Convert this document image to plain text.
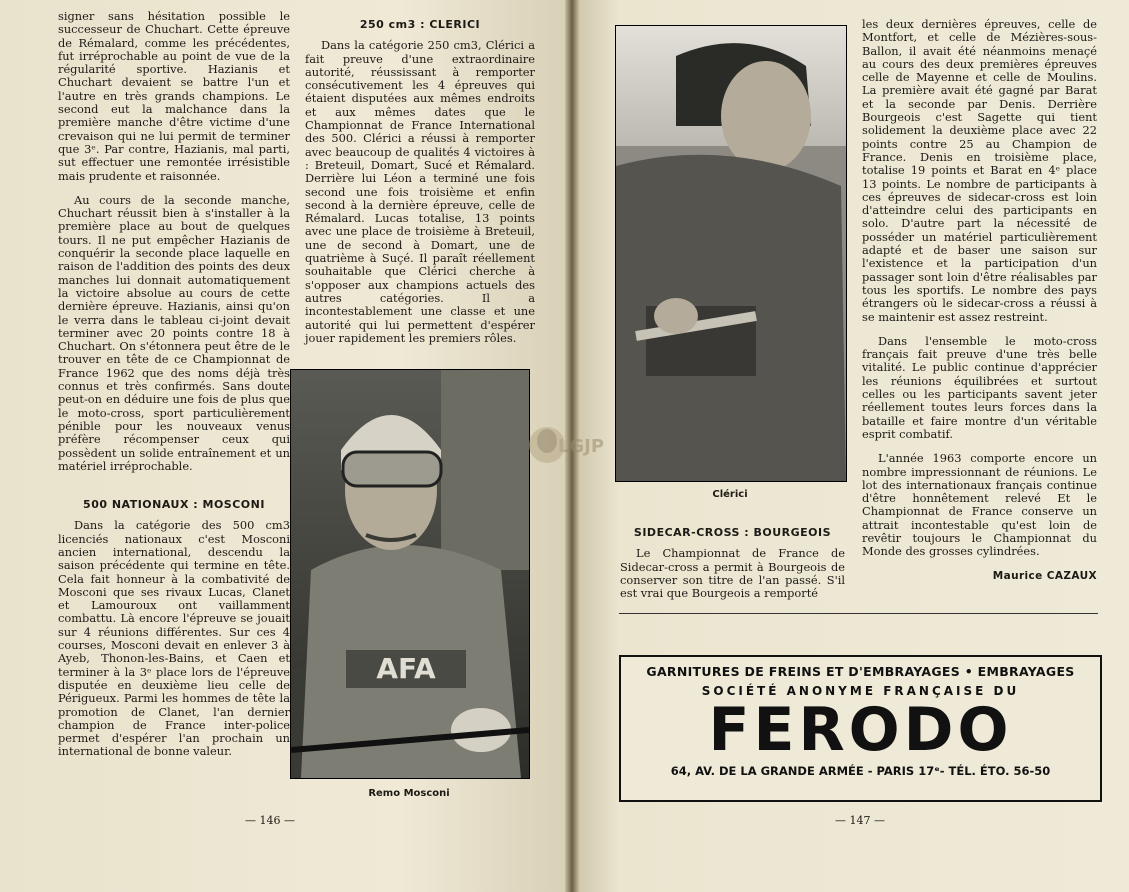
signer sans hésitation possible le successeur de Chuchart. Cette épreuve de Rémalard, comme les précédentes, fut irréprochable au point de vue de la régularité sportive. Hazianis et Chuchart devaient se battre l'un et l'autre en très grands champions. Le second eut la malchance dans la première manche d'être victime d'une crevaison qui ne lui permit de terminer que 3ᵉ. Par contre, Hazianis, mal parti, sut effectuer une remontée irrésistible mais prudente et raisonnée.

Au cours de la seconde manche, Chuchart réussit bien à s'installer à la première place au bout de quelques tours. Il ne put empêcher Hazianis de conquérir la seconde place laquelle en raison de l'addition des points des deux manches lui donnait automatiquement la victoire absolue au cours de cette dernière épreuve. Hazianis, ainsi qu'on le verra dans le tableau ci-joint devait terminer avec 20 points contre 18 à Chuchart. On s'étonnera peut être de le trouver en tête de ce Championnat de France 1962 que des noms déjà très connus et très confirmés. Sans doute peut-on en déduire une fois de plus que le moto-cross, sport particulièrement pénible pour les nouveaux venus préfère récompenser ceux qui possèdent un solide entraînement et un matériel irréprochable.

500 NATIONAUX : MOSCONI

Dans la catégorie des 500 cm3 licenciés nationaux c'est Mosconi ancien international, descendu la saison précédente qui termine en tête. Cela fait honneur à la combativité de Mosconi que ses rivaux Lucas, Clanet et Lamouroux ont vaillamment combattu. Là encore l'épreuve se jouait sur 4 réunions différentes. Sur ces 4 courses, Mosconi devait en enlever 3 à Ayeb, Thonon-les-Bains, et Caen et terminer à la 3ᵉ place lors de l'épreuve disputée en deuxième lieu celle de Périgueux. Parmi les hommes de tête la promotion de Clanet, l'an dernier champion de France inter-police permet d'espérer l'an prochain un international de bonne valeur.

250 cm3 : CLERICI

Dans la catégorie 250 cm3, Clérici a fait preuve d'une extraordinaire autorité, réussissant à remporter consécutivement les 4 épreuves qui étaient disputées aux mêmes endroits et aux mêmes dates que le Championnat de France International des 500. Clérici a réussi à remporter avec beaucoup de qualités 4 victoires à : Breteuil, Domart, Sucé et Rémalard. Derrière lui Léon a terminé une fois second une fois troisième et enfin second à la dernière épreuve, celle de Rémalard. Lucas totalise, 13 points avec une place de troisième à Breteuil, une de second à Domart, une de quatrième à Suçé. Il paraît réellement souhaitable que Clérici cherche à s'opposer aux champions actuels des autres catégories. Il a incontestablement une classe et une autorité qui lui permettent d'espérer jouer rapidement les premiers rôles.

AFA
Remo Mosconi
— 146 —
LGJP
Clérici
SIDECAR-CROSS : BOURGEOIS

Le Championnat de France de Sidecar-cross a permit à Bourgeois de conserver son titre de l'an passé. S'il est vrai que Bourgeois a remporté

les deux dernières épreuves, celle de Montfort, et celle de Mézières-sous-Ballon, il avait été néanmoins menaçé au cours des deux premières épreuves celle de Mayenne et celle de Moulins. La première avait été gagné par Barat et la seconde par Denis. Derrière Bourgeois c'est Sagette qui tient solidement la deuxième place avec 22 points contre 25 au Champion de France. Denis en troisième place, totalise 19 points et Barat en 4ᵉ place 13 points. Le nombre de participants à ces épreuves de sidecar-cross est loin d'atteindre celui des participants en solo. D'autre part la nécessité de posséder un matériel particulièrement adapté et de baser une saison sur l'existence et la participation d'un passager sont loin d'être réalisables par tous les sportifs. Le nombre des pays étrangers où le sidecar-cross a réussi à se maintenir est assez restreint.

Dans l'ensemble le moto-cross français fait preuve d'une très belle vitalité. Le public continue d'apprécier les réunions équilibrées et surtout celles ou les participants savent jeter réellement toutes leurs forces dans la bataille et faire montre d'un véritable esprit combatif.

L'année 1963 comporte encore un nombre impressionnant de réunions. Le lot des internationaux français continue d'être honnêtement relevé Et le Championnat de France conserve un attrait incontestable qu'est loin de revêtir toujours le Championnat du Monde des grosses cylindrées.

Maurice CAZAUX
GARNITURES DE FREINS ET D'EMBRAYAGES • EMBRAYAGES
SOCIÉTÉ ANONYME FRANÇAISE DU
FERODO
64, AV. DE LA GRANDE ARMÉE - PARIS 17ᵉ- TÉL. ÉTO. 56-50
— 147 —
